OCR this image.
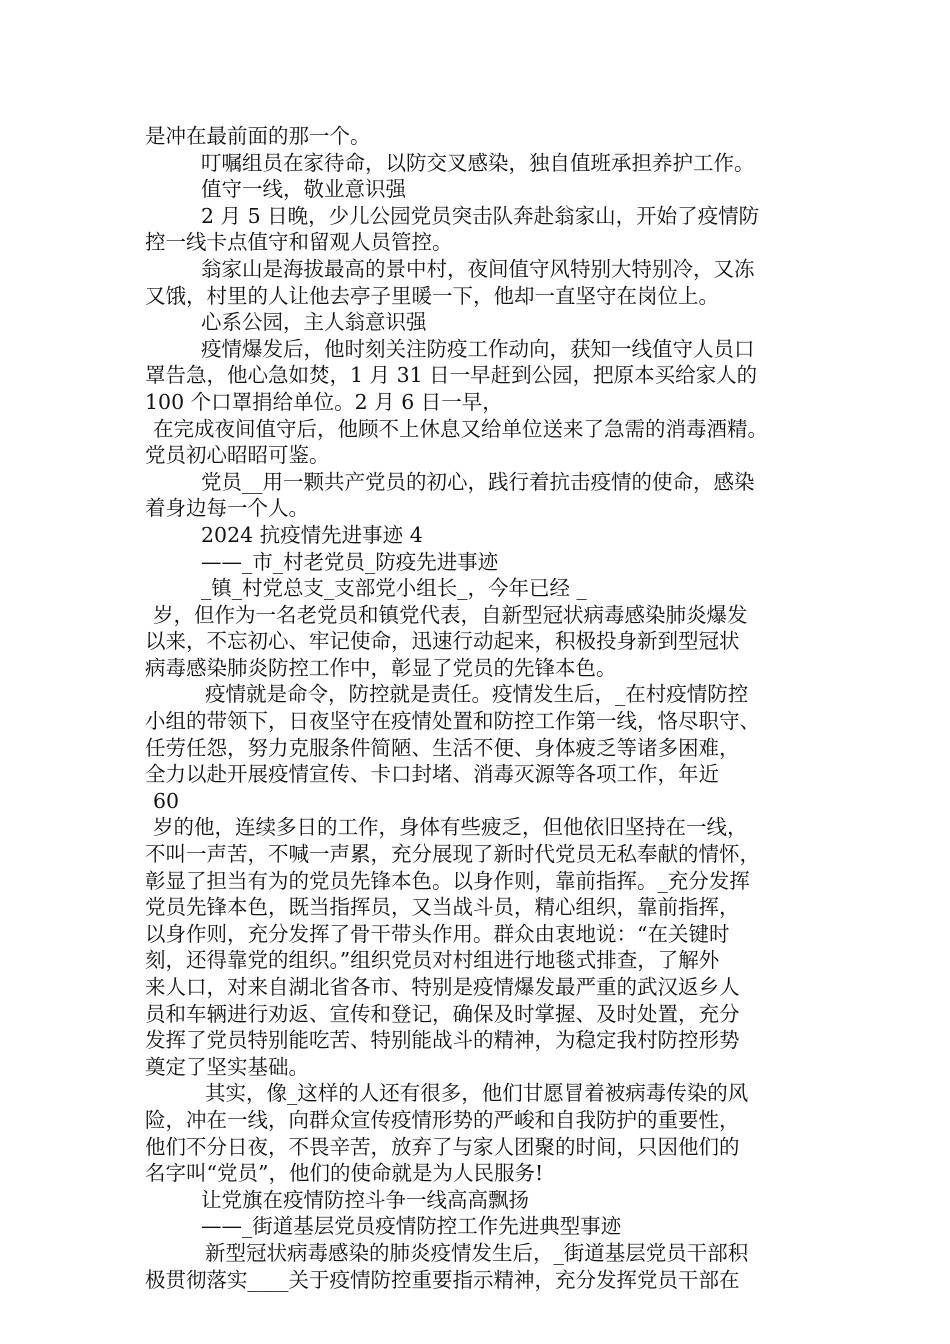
是冲在最前面的那一个。
叮嘱组员在家待命，以防交叉感染，独自值班承担养护工作。
值守一线，敬业意识强
2 月 5 日晚，少儿公园党员突击队奔赴翁家山，开始了疫情防
控一线卡点值守和留观人员管控。
翁家山是海拔最高的景中村，夜间值守风特别大特别冷，又冻
又饿，村里的人让他去亭子里暖一下，他却一直坚守在岗位上。
心系公园，主人翁意识强
疫情爆发后，他时刻关注防疫工作动向，获知一线值守人员口
罩告急，他心急如焚，1 月 31 日一早赶到公园，把原本买给家人的
100 个口罩捐给单位。2 月 6 日一早，
在完成夜间值守后，他顾不上休息又给单位送来了急需的消毒酒精。
党员初心昭昭可鉴。
党员__用一颗共产党员的初心，践行着抗击疫情的使命，感染
着身边每一个人。
2024 抗疫情先进事迹 4
——_市_村老党员_防疫先进事迹
_镇_村党总支_支部党小组长_，今年已经 _
岁，但作为一名老党员和镇党代表，自新型冠状病毒感染肺炎爆发
以来，不忘初心、牢记使命，迅速行动起来，积极投身新到型冠状
病毒感染肺炎防控工作中，彰显了党员的先锋本色。
疫情就是命令，防控就是责任。疫情发生后，_在村疫情防控
小组的带领下，日夜坚守在疫情处置和防控工作第一线，恪尽职守、
任劳任怨，努力克服条件简陋、生活不便、身体疲乏等诸多困难，
全力以赴开展疫情宣传、卡口封堵、消毒灭源等各项工作，年近
60
岁的他，连续多日的工作，身体有些疲乏，但他依旧坚持在一线，
不叫一声苦，不喊一声累，充分展现了新时代党员无私奉献的情怀，
彰显了担当有为的党员先锋本色。以身作则，靠前指挥。_充分发挥
党员先锋本色，既当指挥员，又当战斗员，精心组织，靠前指挥，
以身作则，充分发挥了骨干带头作用。群众由衷地说：“在关键时
刻，还得靠党的组织。”组织党员对村组进行地毯式排查，了解外
来人口，对来自湖北省各市、特别是疫情爆发最严重的武汉返乡人
员和车辆进行劝返、宣传和登记，确保及时掌握、及时处置，充分
发挥了党员特别能吃苦、特别能战斗的精神，为稳定我村防控形势
奠定了坚实基础。
其实，像_这样的人还有很多，他们甘愿冒着被病毒传染的风
险，冲在一线，向群众宣传疫情形势的严峻和自我防护的重要性，
他们不分日夜，不畏辛苦，放弃了与家人团聚的时间，只因他们的
名字叫“党员”，他们的使命就是为人民服务!
让党旗在疫情防控斗争一线高高飘扬
——_街道基层党员疫情防控工作先进典型事迹
新型冠状病毒感染的肺炎疫情发生后，_街道基层党员干部积
极贯彻落实____关于疫情防控重要指示精神，充分发挥党员干部在
